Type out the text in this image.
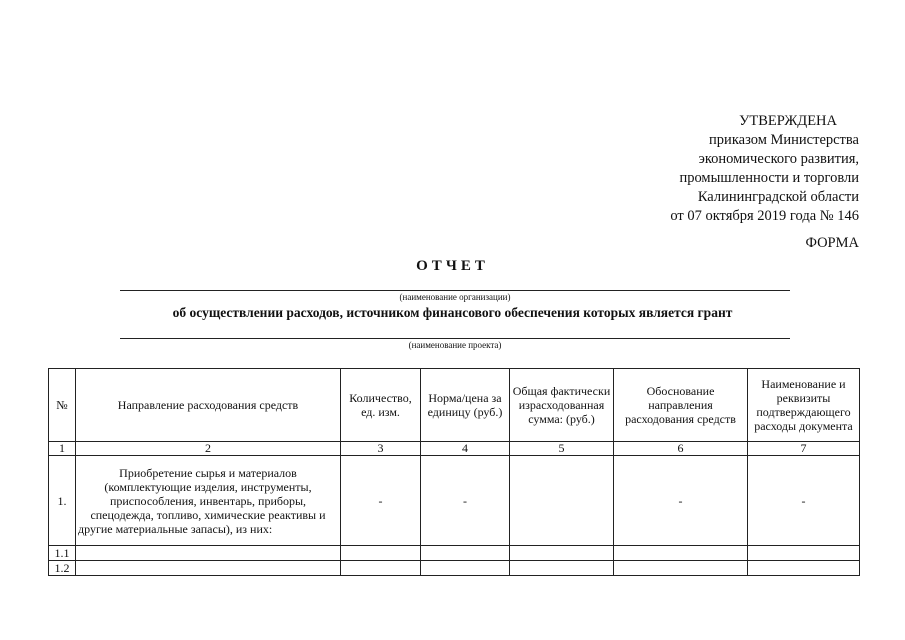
УТВЕРЖДЕНА
приказом Министерства
экономического развития,
промышленности и торговли
Калининградской области
от 07 октября 2019 года № 146
ФОРМА
ОТЧЕТ
(наименование организации)
об осуществлении расходов, источником финансового обеспечения которых является грант
(наименование проекта)
№	Направление расходования средств	Количество, ед. изм.	Норма/цена за единицу (руб.)	Общая фактически израсходованная сумма: (руб.)	Обоснование направления расходования средств	Наименование и реквизиты подтверждающего расходы документа
1	2	3	4	5	6	7
1.	Приобретение сырья и материалов (комплектующие изделия, инструменты, приспособления, инвентарь, приборы, спецодежда, топливо, химические реактивы и другие материальные запасы), из них:	-	-		-	-
1.1						
1.2						
